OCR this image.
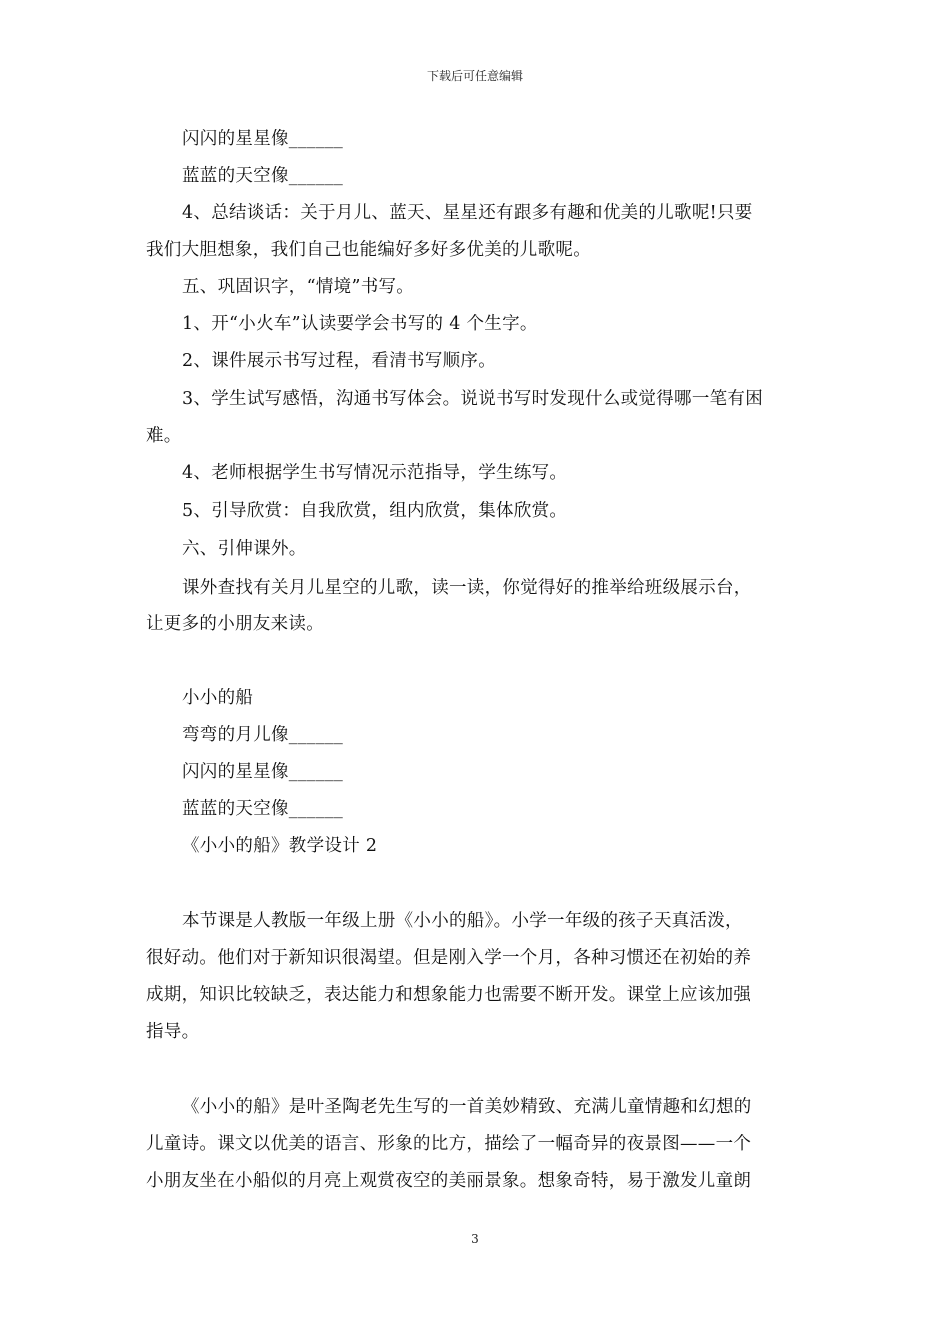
下载后可任意编辑
闪闪的星星像______
蓝蓝的天空像______
4、总结谈话：关于月儿、蓝天、星星还有跟多有趣和优美的儿歌呢!只要
我们大胆想象，我们自己也能编好多好多优美的儿歌呢。
五、巩固识字，“情境”书写。
1、开“小火车”认读要学会书写的 4 个生字。
2、课件展示书写过程，看清书写顺序。
3、学生试写感悟，沟通书写体会。说说书写时发现什么或觉得哪一笔有困
难。
4、老师根据学生书写情况示范指导，学生练写。
5、引导欣赏：自我欣赏，组内欣赏，集体欣赏。
六、引伸课外。
课外查找有关月儿星空的儿歌，读一读，你觉得好的推举给班级展示台，
让更多的小朋友来读。
小小的船
弯弯的月儿像______
闪闪的星星像______
蓝蓝的天空像______
《小小的船》教学设计 2
本节课是人教版一年级上册《小小的船》。小学一年级的孩子天真活泼，
很好动。他们对于新知识很渴望。但是刚入学一个月，各种习惯还在初始的养
成期，知识比较缺乏，表达能力和想象能力也需要不断开发。课堂上应该加强
指导。
《小小的船》是叶圣陶老先生写的一首美妙精致、充满儿童情趣和幻想的
儿童诗。课文以优美的语言、形象的比方，描绘了一幅奇异的夜景图——一个
小朋友坐在小船似的月亮上观赏夜空的美丽景象。想象奇特，易于激发儿童朗
3
